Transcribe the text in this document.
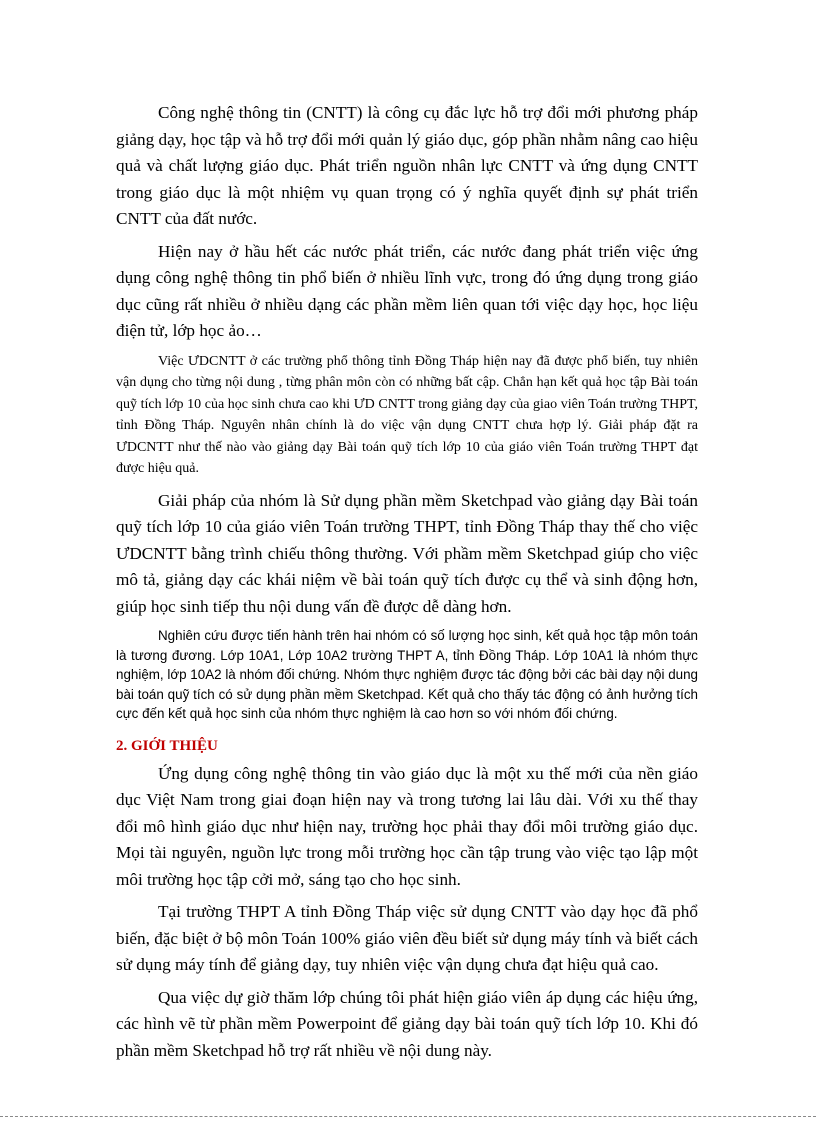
Công nghệ thông tin (CNTT) là công cụ đắc lực hỗ trợ đổi mới phương pháp giảng dạy, học tập và hỗ trợ đổi mới quản lý giáo dục, góp phần nhằm nâng cao hiệu quả và chất lượng giáo dục. Phát triển nguồn nhân lực CNTT và ứng dụng CNTT trong giáo dục là một nhiệm vụ quan trọng có ý nghĩa quyết định sự phát triển CNTT của đất nước.

Hiện nay ở hầu hết các nước phát triển, các nước đang phát triển việc ứng dụng công nghệ thông tin phổ biến ở nhiều lĩnh vực, trong đó ứng dụng trong giáo dục cũng rất nhiều ở nhiều dạng các phần mềm liên quan tới việc dạy học, học liệu điện tử, lớp học ảo…

Việc ƯDCNTT ở các trường phổ thông tỉnh Đồng Tháp hiện nay đã được phổ biến, tuy nhiên vận dụng cho từng nội dung , từng phân môn còn có những bất cập. Chẳn hạn kết quả học tập Bài toán quỹ tích lớp 10 của học sinh chưa cao khi ƯD CNTT trong giảng dạy của giao viên Toán trường THPT, tỉnh Đồng Tháp. Nguyên nhân chính là do việc vận dụng CNTT chưa hợp lý. Giải pháp đặt ra ƯDCNTT như thế nào vào giảng dạy Bài toán quỹ tích lớp 10 của giáo viên Toán trường THPT đạt được hiệu quả.

Giải pháp của nhóm là Sử dụng phần mềm Sketchpad vào giảng dạy Bài toán quỹ tích lớp 10 của giáo viên Toán trường THPT, tỉnh Đồng Tháp thay thế cho việc ƯDCNTT bằng trình chiếu thông thường. Với phầm mềm Sketchpad giúp cho việc mô tả, giảng dạy các khái niệm về bài toán quỹ tích được cụ thể và sinh động hơn, giúp học sinh tiếp thu nội dung vấn đề được dễ dàng hơn.

Nghiên cứu được tiến hành trên hai nhóm có số lượng học sinh, kết quả học tập môn toán là tương đương. Lớp 10A1, Lớp 10A2 trường THPT A, tỉnh Đồng Tháp. Lớp 10A1 là nhóm thực nghiệm, lớp 10A2 là nhóm đối chứng. Nhóm thực nghiệm được tác động bởi các bài dạy nội dung bài toán quỹ tích có sử dụng phần mềm Sketchpad. Kết quả cho thấy tác động có ảnh hưởng tích cực đến kết quả học sinh của nhóm thực nghiệm là cao hơn so với nhóm đối chứng.

2. GIỚI THIỆU

Ứng dụng công nghệ thông tin vào giáo dục là một xu thế mới của nền giáo dục Việt Nam trong giai đoạn hiện nay và trong tương lai lâu dài. Với xu thế thay đổi mô hình giáo dục như hiện nay, trường học phải thay đổi môi trường giáo dục. Mọi tài nguyên, nguồn lực trong mỗi trường học cần tập trung vào việc tạo lập một môi trường học tập cởi mở, sáng tạo cho học sinh.

Tại trường THPT A tỉnh Đồng Tháp việc sử dụng CNTT vào dạy học đã phổ biến, đặc biệt ở bộ môn Toán 100% giáo viên đều biết sử dụng máy tính và biết cách sử dụng máy tính để giảng dạy, tuy nhiên việc vận dụng chưa đạt hiệu quả cao.

Qua việc dự giờ thăm lớp chúng tôi phát hiện giáo viên áp dụng các hiệu ứng, các hình vẽ từ phần mềm Powerpoint để giảng dạy bài toán quỹ tích lớp 10. Khi đó phần mềm Sketchpad hỗ trợ rất nhiều về nội dung này.
